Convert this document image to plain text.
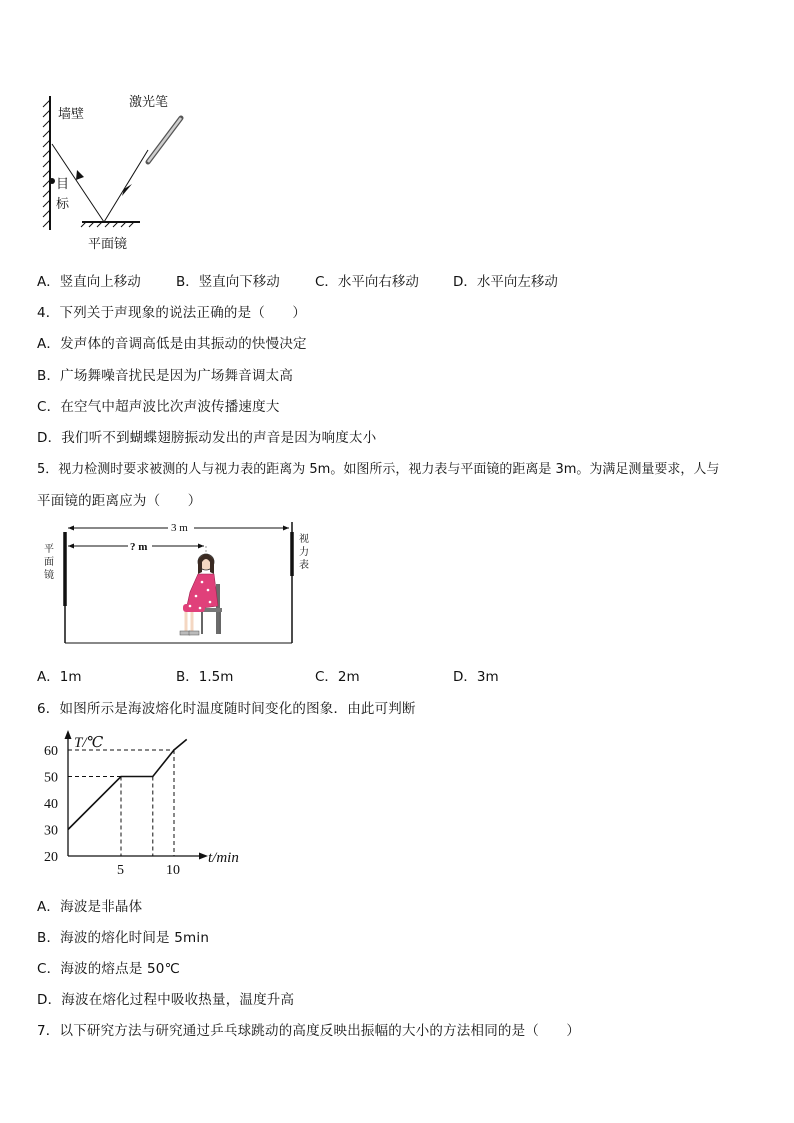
墙壁
激光笔
目
标
平面镜
A．竖直向上移动	B．竖直向下移动	C．水平向右移动	D．水平向左移动
4．下列关于声现象的说法正确的是（　　）
A．发声体的音调高低是由其振动的快慢决定
B．广场舞噪音扰民是因为广场舞音调太高
C．在空气中超声波比次声波传播速度大
D．我们听不到蝴蝶翅膀振动发出的声音是因为响度太小
5．视力检测时要求被测的人与视力表的距离为 5m。如图所示，视力表与平面镜的距离是 3m。为满足测量要求，人与
平面镜的距离应为（　　）
3 m
? m
平
面
镜
视
力
表
A．1m	B．1.5m	C．2m	D．3m
6．如图所示是海波熔化时温度随时间变化的图象．由此可判断
T/℃
t/min
20
30
40
50
60
5	10
A．海波是非晶体
B．海波的熔化时间是 5min
C．海波的熔点是 50℃
D．海波在熔化过程中吸收热量，温度升高
7．以下研究方法与研究通过乒乓球跳动的高度反映出振幅的大小的方法相同的是（　　）
